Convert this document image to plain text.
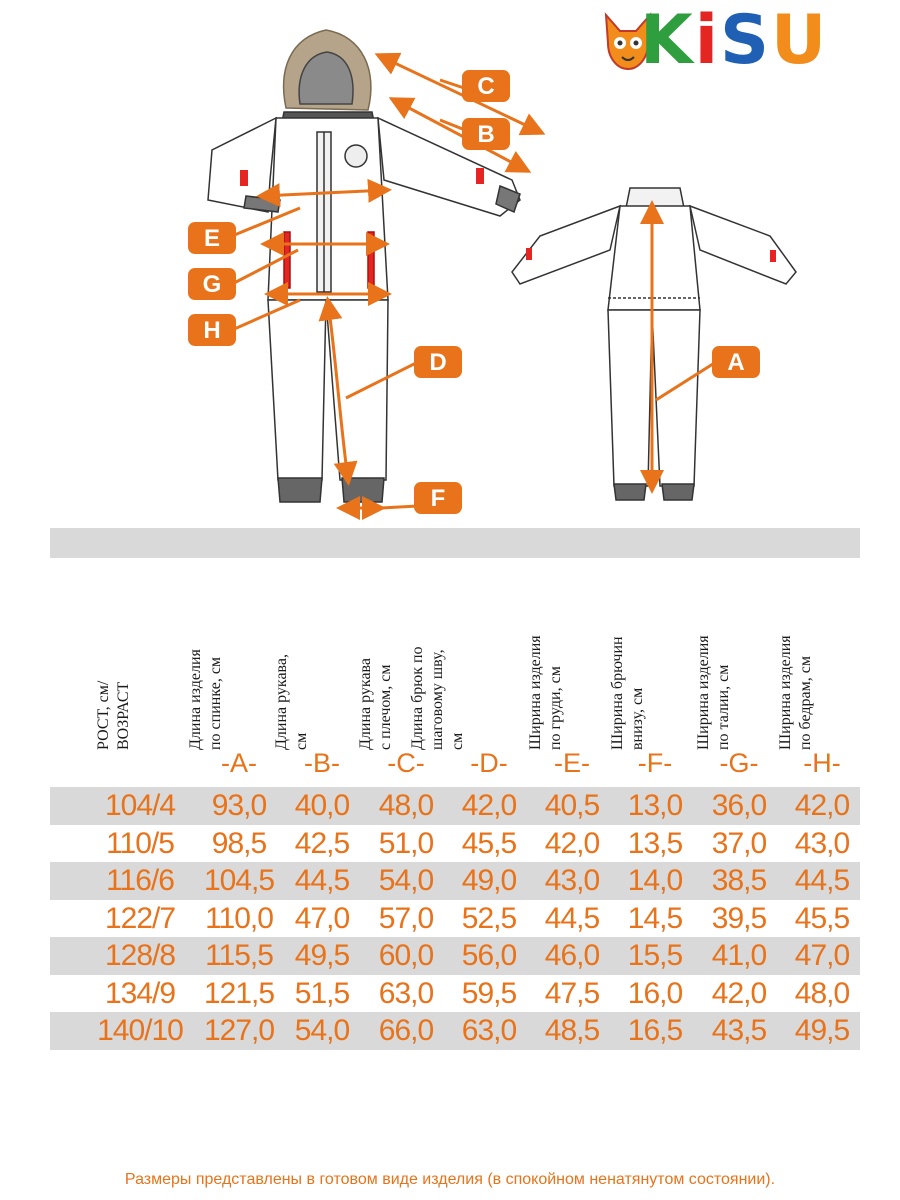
C
B
E
G
H
D
F
A
KiSU
РОСТ, см/
ВОЗРАСТ	Длина изделия
по спинке, см
Длина рукава,
см	Длина рукава
с плечом, см
Длина брюк по
шаговому шву,
см	Ширина изделия
по груди, см
Ширина брючин
внизу, см	Ширина изделия
по талии, см
Ширина изделия
по бедрам, см
-A-	-B-	-C-	-D-	-E-	-F-	-G-	-H-
104/4	93,0 40,0 48,0 42,0 40,5 13,0 36,0 42,0
110/5	98,5 42,5 51,0 45,5 42,0 13,5 37,0 43,0
116/6	104,5 44,5 54,0 49,0 43,0 14,0 38,5 44,5
122/7	110,0 47,0 57,0 52,5 44,5 14,5 39,5 45,5
128/8	115,5 49,5 60,0 56,0 46,0 15,5 41,0 47,0
134/9 121,5 51,5 63,0 59,5 47,5 16,0 42,0 48,0
140/10 127,0 54,0 66,0 63,0 48,5 16,5 43,5 49,5
Размеры представлены в готовом виде изделия (в спокойном ненатянутом состоянии).
